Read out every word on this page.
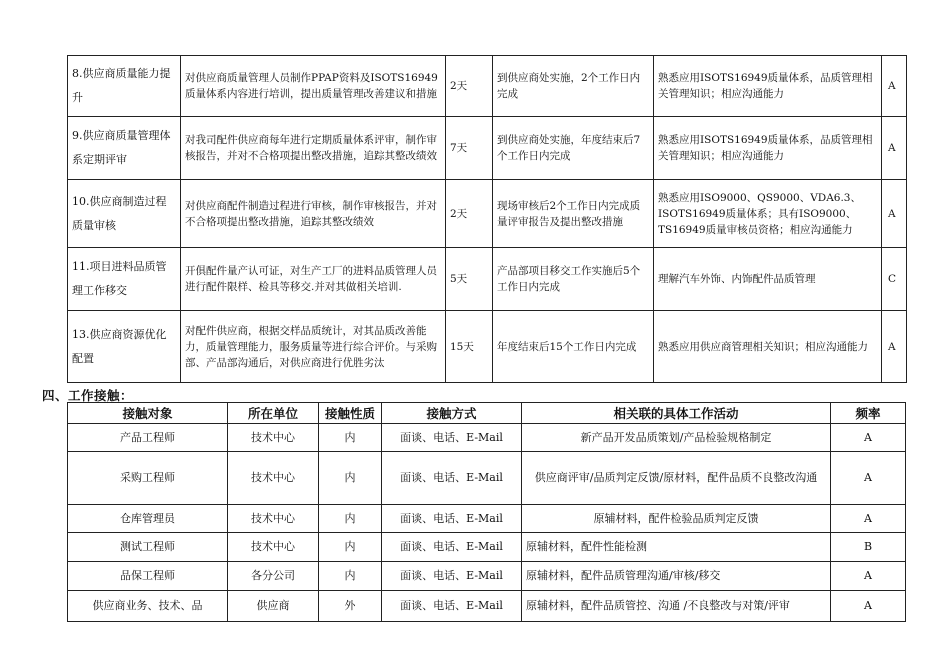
8.供应商质量能力提升	对供应商质量管理人员制作PPAP资料及ISOTS16949质量体系内容进行培训，提出质量管理改善建议和措施	2天	到供应商处实施，2个工作日内完成	熟悉应用ISOTS16949质量体系，品质管理相关管理知识；相应沟通能力	A
9.供应商质量管理体系定期评审	对我司配件供应商每年进行定期质量体系评审，制作审核报告，并对不合格项提出整改措施，追踪其整改绩效	7天	到供应商处实施，年度结束后7个工作日内完成	熟悉应用ISOTS16949质量体系，品质管理相关管理知识；相应沟通能力	A
10.供应商制造过程质量审核	对供应商配件制造过程进行审核，制作审核报告，并对不合格项提出整改措施，追踪其整改绩效	2天	现场审核后2个工作日内完成质量评审报告及提出整改措施	熟悉应用ISO9000、QS9000、VDA6.3、ISOTS16949质量体系；具有ISO9000、TS16949质量审核员资格；相应沟通能力	A
11.项目进料品质管理工作移交	开俱配件量产认可证，对生产工厂的进料品质管理人员进行配件限样、检具等移交.并对其做相关培训.	5天	产品部项目移交工作实施后5个工作日内完成	理解汽车外饰、内饰配件品质管理	C
13.供应商资源优化配置	对配件供应商，根据交样品质统计，对其品质改善能力，质量管理能力，服务质量等进行综合评价。与采购部、产品部沟通后，对供应商进行优胜劣汰	15天	年度结束后15个工作日内完成	熟悉应用供应商管理相关知识；相应沟通能力	A
四、工作接触：
接触对象	所在单位	接触性质	接触方式	相关联的具体工作活动	频率
产品工程师	技术中心	内	面谈、电话、E-Mail	新产品开发品质策划/产品检验规格制定	A
采购工程师	技术中心	内	面谈、电话、E-Mail	供应商评审/品质判定反馈/原材料，配件品质不良整改沟通	A
仓库管理员	技术中心	内	面谈、电话、E-Mail	原辅材料，配件检验品质判定反馈	A
测试工程师	技术中心	内	面谈、电话、E-Mail	原辅材料，配件性能检测	B
品保工程师	各分公司	内	面谈、电话、E-Mail	原辅材料，配件品质管理沟通/审核/移交	A
供应商业务、技术、品	供应商	外	面谈、电话、E-Mail	原辅材料，配件品质管控、沟通 /不良整改与对策/评审	A
